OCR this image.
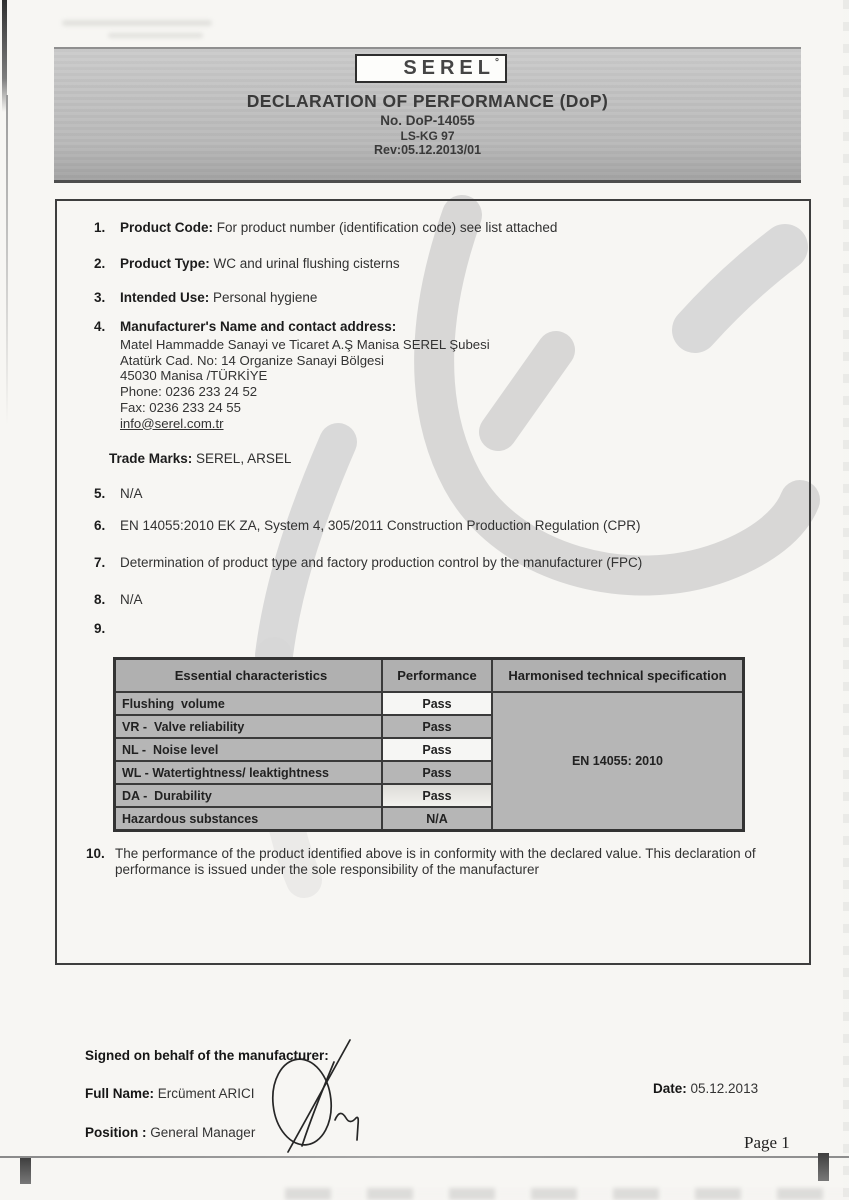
SEREL °
DECLARATION OF PERFORMANCE (DoP)
No. DoP-14055
LS-KG 97
Rev:05.12.2013/01
1.	Product Code: For product number (identification code) see list attached
2.	Product Type: WC and urinal flushing cisterns
3.	Intended Use: Personal hygiene
4.	Manufacturer's Name and contact address:
Matel Hammadde Sanayi ve Ticaret A.Ş Manisa SEREL Şubesi
Atatürk Cad. No: 14 Organize Sanayi Bölgesi
45030 Manisa /TÜRKİYE
Phone: 0236 233 24 52
Fax: 0236 233 24 55
info@serel.com.tr
Trade Marks: SEREL, ARSEL
5.	N/A
6.	EN 14055:2010 EK ZA, System 4, 305/2011 Construction Production Regulation (CPR)
7.	Determination of product type and factory production control by the manufacturer (FPC)
8.	N/A
9.
Essential characteristics	Performance	Harmonised technical specification
Flushing  volume	Pass	EN 14055: 2010
VR -  Valve reliability	Pass	
NL -  Noise level	Pass	
WL - Watertightness/ leaktightness	Pass	
DA -  Durability	Pass	
Hazardous substances	N/A	
10. The performance of the product identified above is in conformity with the declared value. This declaration of performance is issued under the sole responsibility of the manufacturer
Signed on behalf of the manufacturer:
Full Name: Ercüment ARICI
Position : General Manager
Date: 05.12.2013
Page 1
